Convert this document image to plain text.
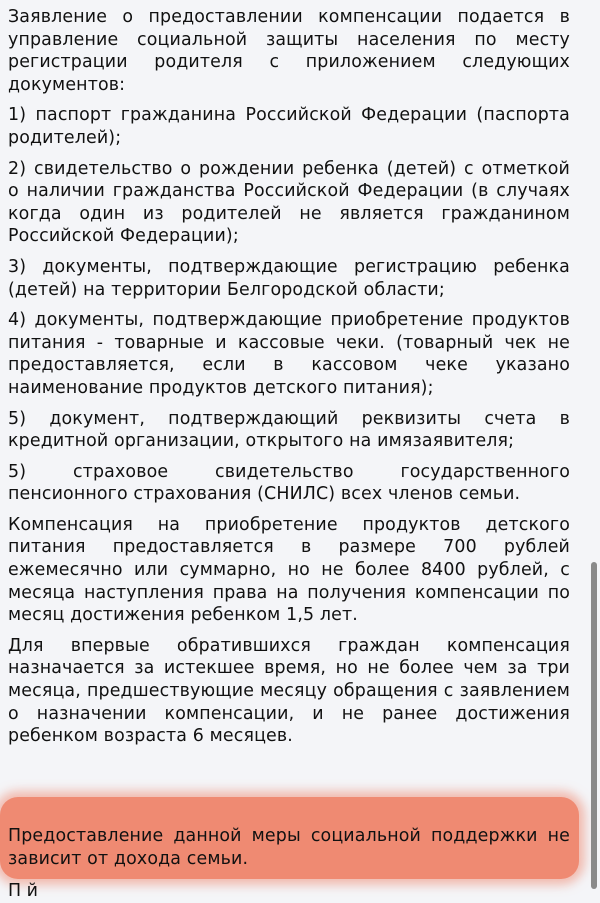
Заявление о предоставлении компенсации подается в управление социальной защиты населения по месту регистрации родителя с приложением следующих документов:

1) паспорт гражданина Российской Федерации (паспорта родителей);

2) свидетельство о рождении ребенка (детей) с отметкой о наличии гражданства Российской Федерации (в случаях когда один из родителей не является гражданином Российской Федерации);

3) документы, подтверждающие регистрацию ребенка (детей) на территории Белгородской области;

4) документы, подтверждающие приобретение продуктов питания - товарные и кассовые чеки. (товарный чек не предоставляется, если в кассовом чеке указано наименование продуктов детского питания);

5) документ, подтверждающий реквизиты счета в кредитной организации, открытого на имязаявителя;

5) страховое свидетельство государственного пенсионного страхования (СНИЛС) всех членов семьи.

Компенсация на приобретение продуктов детского питания предоставляется в размере 700 рублей ежемесячно или суммарно, но не более 8400 рублей, с месяца наступления права на получения компенсации по месяц достижения ребенком 1,5 лет.

Для впервые обратившихся граждан компенсация назначается за истекшее время, но не более чем за три месяца, предшествующие месяцу обращения с заявлением о назначении компенсации, и не ранее достижения ребенком возраста 6 месяцев.

Предоставление данной меры социальной поддержки не зависит от дохода семьи.

П й
